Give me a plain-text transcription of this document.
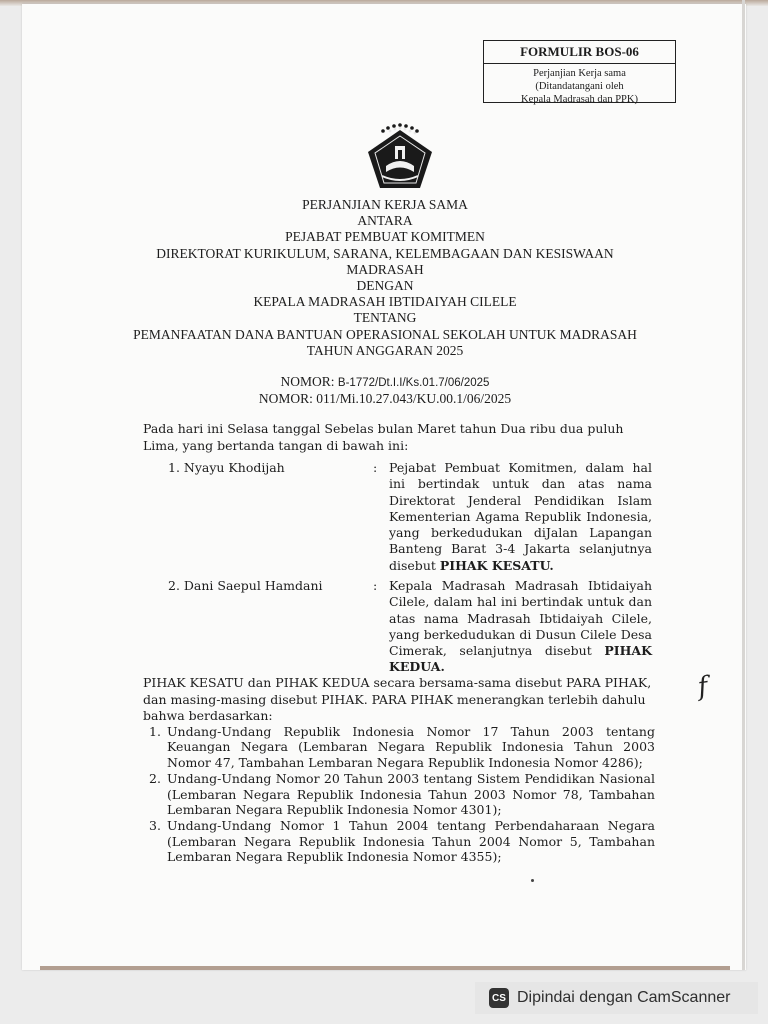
FORMULIR BOS-06
Perjanjian Kerja sama
(Ditandatangani oleh
Kepala Madrasah dan PPK)
PERJANJIAN KERJA SAMA
ANTARA
PEJABAT PEMBUAT KOMITMEN
DIREKTORAT KURIKULUM, SARANA, KELEMBAGAAN DAN KESISWAAN
MADRASAH
DENGAN
KEPALA MADRASAH IBTIDAIYAH CILELE
TENTANG
PEMANFAATAN DANA BANTUAN OPERASIONAL SEKOLAH UNTUK MADRASAH
TAHUN ANGGARAN 2025
NOMOR: B-1772/Dt.I.I/Ks.01.7/06/2025
NOMOR: 011/Mi.10.27.043/KU.00.1/06/2025
Pada hari ini Selasa tanggal Sebelas bulan Maret tahun Dua ribu dua puluh Lima, yang bertanda tangan di bawah ini:
1. Nyayu Khodijah	: Pejabat Pembuat Komitmen, dalam hal ini bertindak untuk dan atas nama Direktorat Jenderal Pendidikan Islam Kementerian Agama Republik Indonesia, yang berkedudukan diJalan Lapangan Banteng Barat 3-4 Jakarta selanjutnya disebut PIHAK KESATU.
2. Dani Saepul Hamdani	: Kepala Madrasah Madrasah Ibtidaiyah Cilele, dalam hal ini bertindak untuk dan atas nama Madrasah Ibtidaiyah Cilele, yang berkedudukan di Dusun Cilele Desa Cimerak, selanjutnya disebut PIHAK KEDUA.
PIHAK KESATU dan PIHAK KEDUA secara bersama-sama disebut PARA PIHAK, dan masing-masing disebut PIHAK. PARA PIHAK menerangkan terlebih dahulu bahwa berdasarkan:
1. Undang-Undang Republik Indonesia Nomor 17 Tahun 2003 tentang Keuangan Negara (Lembaran Negara Republik Indonesia Tahun 2003 Nomor 47, Tambahan Lembaran Negara Republik Indonesia Nomor 4286);
2. Undang-Undang Nomor 20 Tahun 2003 tentang Sistem Pendidikan Nasional (Lembaran Negara Republik Indonesia Tahun 2003 Nomor 78, Tambahan Lembaran Negara Republik Indonesia Nomor 4301);
3. Undang-Undang Nomor 1 Tahun 2004 tentang Perbendaharaan Negara (Lembaran Negara Republik Indonesia Tahun 2004 Nomor 5, Tambahan Lembaran Negara Republik Indonesia Nomor 4355);
f
CS Dipindai dengan CamScanner
